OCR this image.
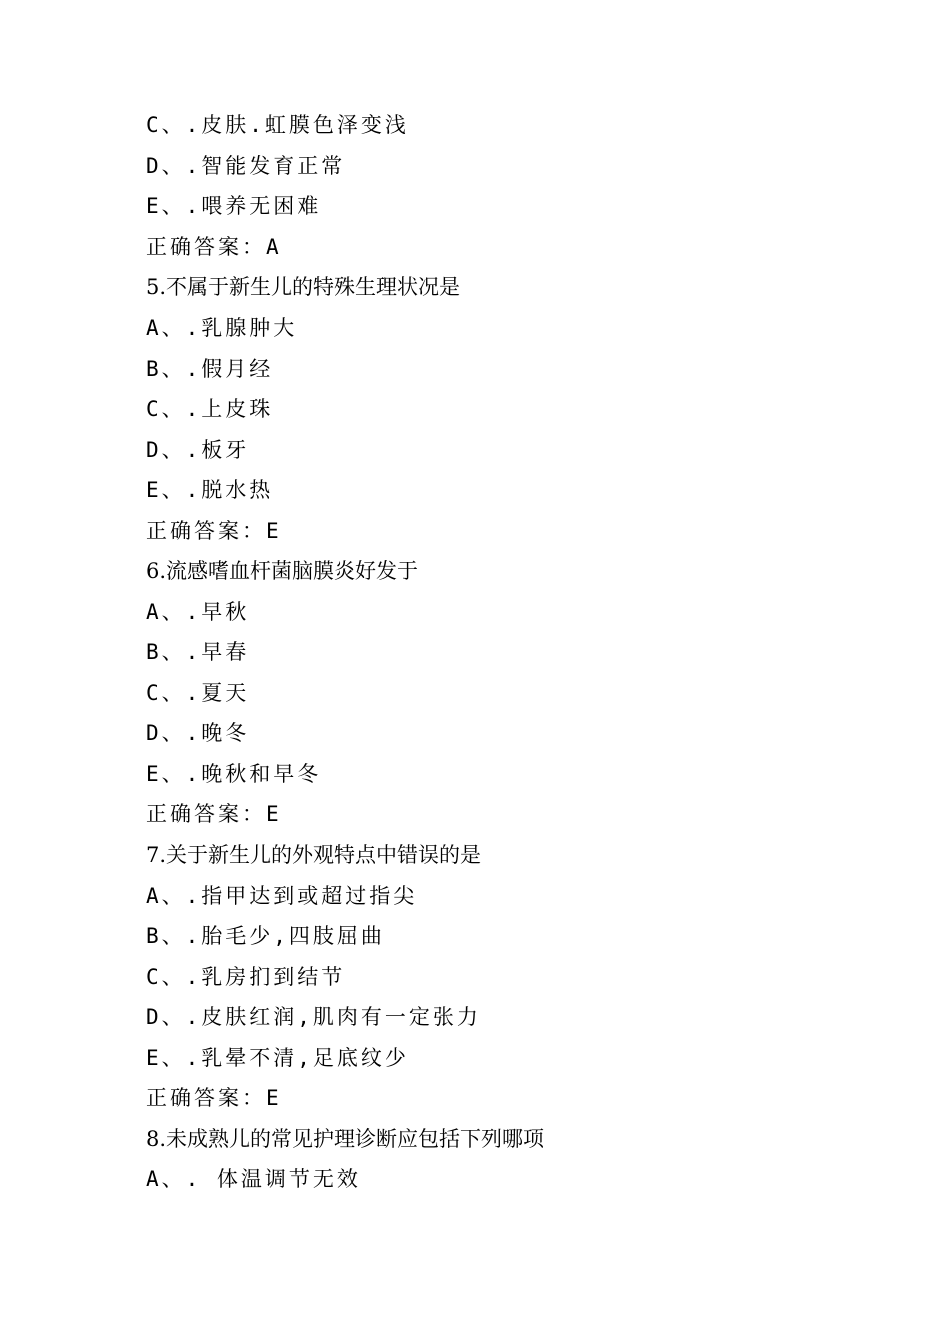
C、.皮肤.虹膜色泽变浅
D、.智能发育正常
E、.喂养无困难
正确答案：A
5.不属于新生儿的特殊生理状况是
A、.乳腺肿大
B、.假月经
C、.上皮珠
D、.板牙
E、.脱水热
正确答案：E
6.流感嗜血杆菌脑膜炎好发于
A、.早秋
B、.早春
C、.夏天
D、.晚冬
E、.晚秋和早冬
正确答案：E
7.关于新生儿的外观特点中错误的是
A、.指甲达到或超过指尖
B、.胎毛少,四肢屈曲
C、.乳房扪到结节
D、.皮肤红润,肌肉有一定张力
E、.乳晕不清,足底纹少
正确答案：E
8.未成熟儿的常见护理诊断应包括下列哪项
A、. 体温调节无效
